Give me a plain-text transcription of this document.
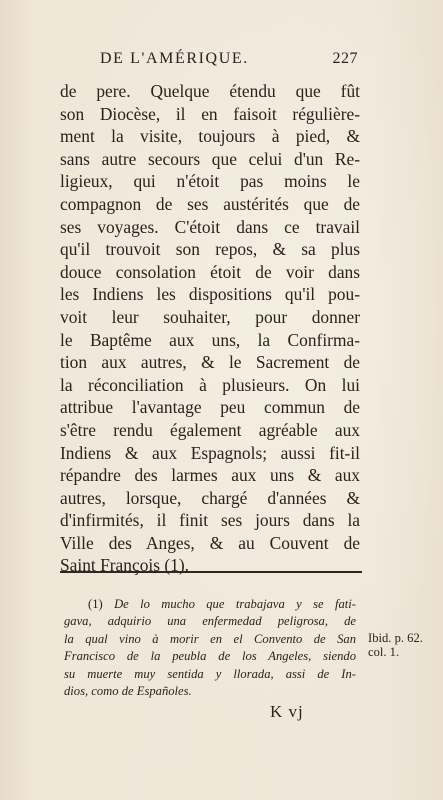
DE L'AMÉRIQUE.	227
de pere. Quelque étendu que fût
son Diocèse, il en faisoit régulière-
ment la visite, toujours à pied, &
sans autre secours que celui d'un Re-
ligieux, qui n'étoit pas moins le
compagnon de ses austérités que de
ses voyages. C'étoit dans ce travail
qu'il trouvoit son repos, & sa plus
douce consolation étoit de voir dans
les Indiens les dispositions qu'il pou-
voit leur souhaiter, pour donner
le Baptême aux uns, la Confirma-
tion aux autres, & le Sacrement de
la réconciliation à plusieurs. On lui
attribue l'avantage peu commun de
s'être rendu également agréable aux
Indiens & aux Espagnols; aussi fit-il
répandre des larmes aux uns & aux
autres, lorsque, chargé d'années &
d'infirmités, il finit ses jours dans la
Ville des Anges, & au Couvent de
Saint François (1).
(1) De lo mucho que trabajava y se fati-
gava, adquirio una enfermedad peligrosa, de
la qual vino à morir en el Convento de San
Francisco de la peubla de los Angeles, siendo
su muerte muy sentida y llorada, assi de In-
dios, como de Españoles.
Ibid. p. 62.
col. 1.
K vj
